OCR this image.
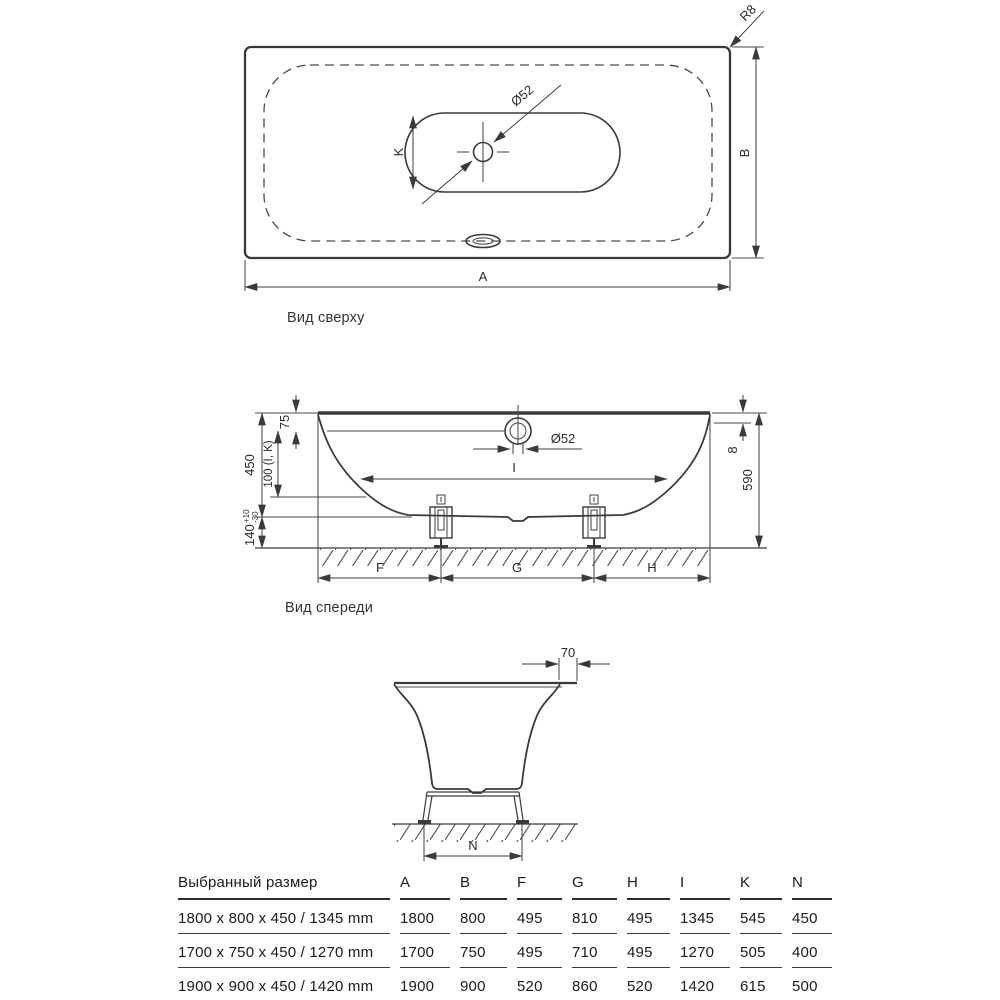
Ø52
K
R8
B
A
Вид сверху
Ø52
I
450
140
+10 -30
100 (I, K)
75
8
590
F	G	H
Вид спереди
70
N
Выбранный размер	A	B	F	G	H	I	K	N
1800 x 800 x 450 / 1345 mm	1800	800	495	810	495	1345	545	450
1700 x 750 x 450 / 1270 mm	1700	750	495	710	495	1270	505	400
1900 x 900 x 450 / 1420 mm	1900	900	520	860	520	1420	615	500
